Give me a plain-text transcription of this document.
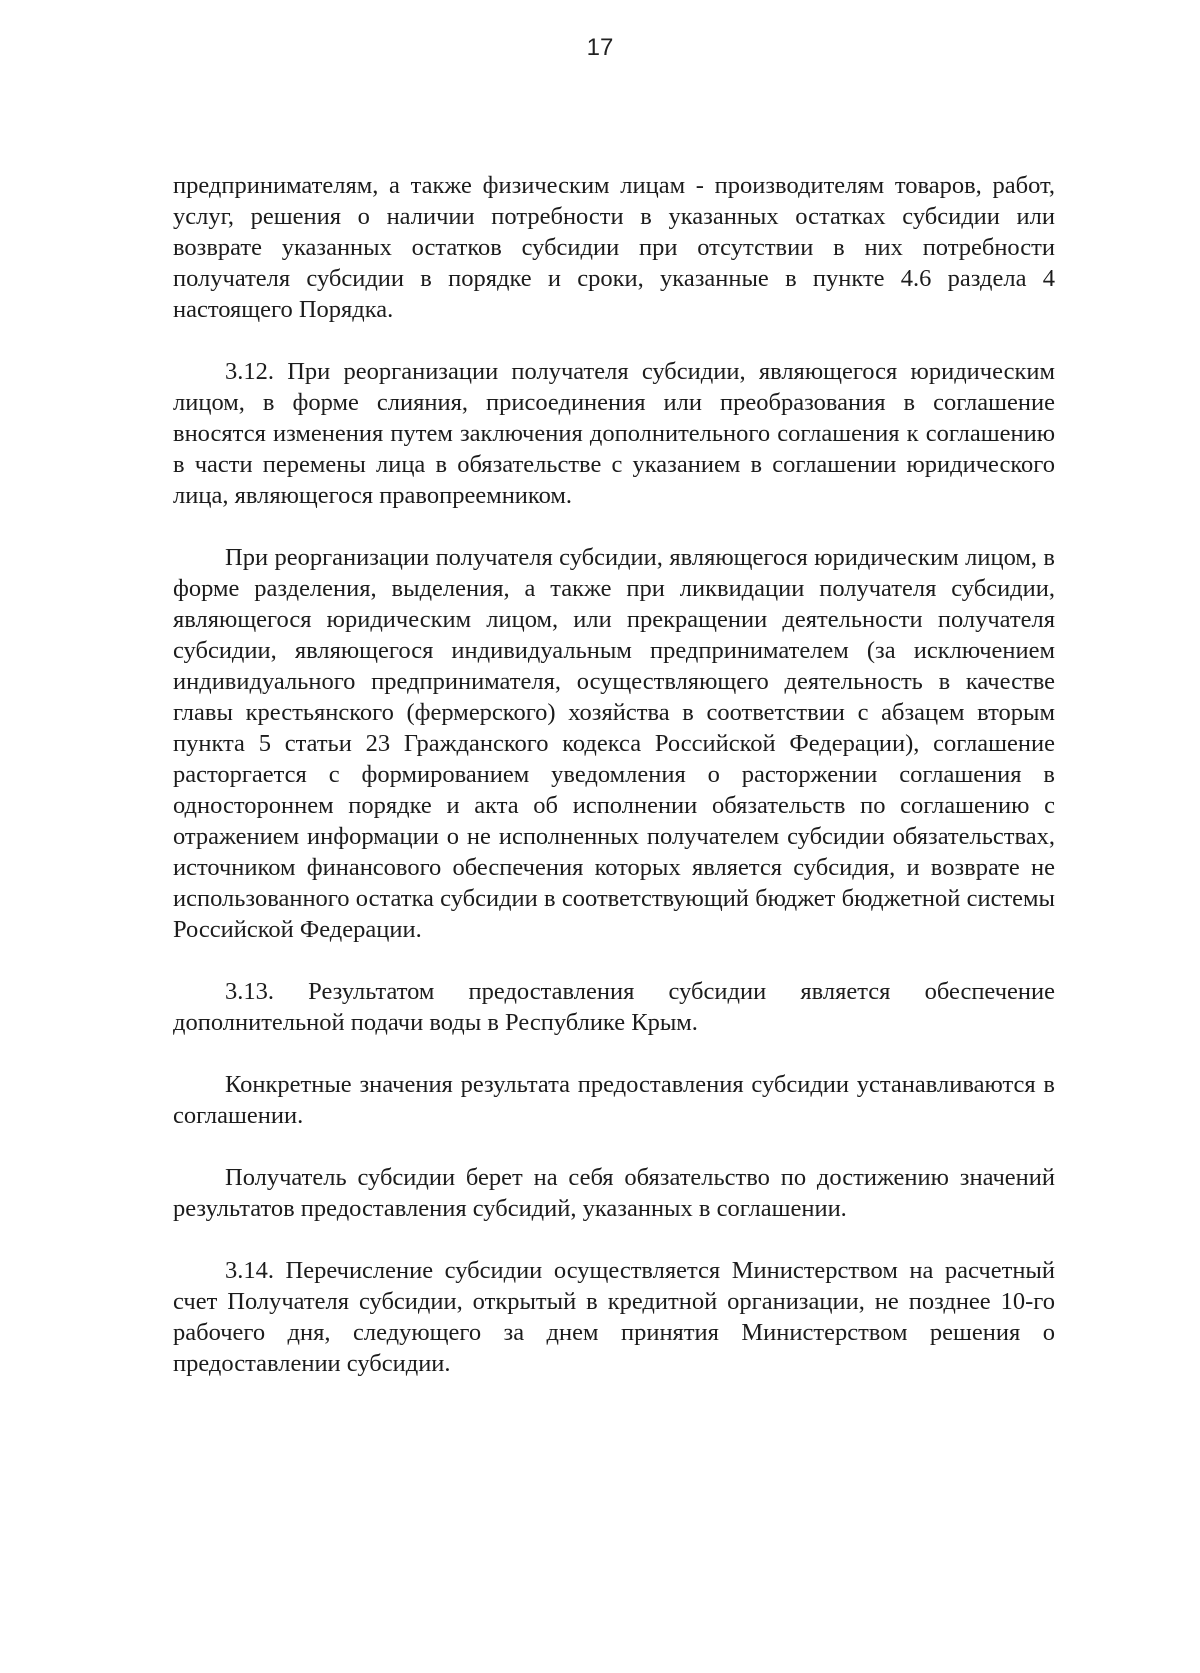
17

предпринимателям, а также физическим лицам - производителям товаров, работ, услуг, решения о наличии потребности в указанных остатках субсидии или возврате указанных остатков субсидии при отсутствии в них потребности получателя субсидии в порядке и сроки, указанные в пункте 4.6 раздела 4 настоящего Порядка.

3.12. При реорганизации получателя субсидии, являющегося юридическим лицом, в форме слияния, присоединения или преобразования в соглашение вносятся изменения путем заключения дополнительного соглашения к соглашению в части перемены лица в обязательстве с указанием в соглашении юридического лица, являющегося правопреемником.

При реорганизации получателя субсидии, являющегося юридическим лицом, в форме разделения, выделения, а также при ликвидации получателя субсидии, являющегося юридическим лицом, или прекращении деятельности получателя субсидии, являющегося индивидуальным предпринимателем (за исключением индивидуального предпринимателя, осуществляющего деятельность в качестве главы крестьянского (фермерского) хозяйства в соответствии с абзацем вторым пункта 5 статьи 23 Гражданского кодекса Российской Федерации), соглашение расторгается с формированием уведомления о расторжении соглашения в одностороннем порядке и акта об исполнении обязательств по соглашению с отражением информации о не исполненных получателем субсидии обязательствах, источником финансового обеспечения которых является субсидия, и возврате не использованного остатка субсидии в соответствующий бюджет бюджетной системы Российской Федерации.

3.13. Результатом предоставления субсидии является обеспечение дополнительной подачи воды в Республике Крым.

Конкретные значения результата предоставления субсидии устанавливаются в соглашении.

Получатель субсидии берет на себя обязательство по достижению значений результатов предоставления субсидий, указанных в соглашении.

3.14. Перечисление субсидии осуществляется Министерством на расчетный счет Получателя субсидии, открытый в кредитной организации, не позднее 10-го рабочего дня, следующего за днем принятия Министерством решения о предоставлении субсидии.
